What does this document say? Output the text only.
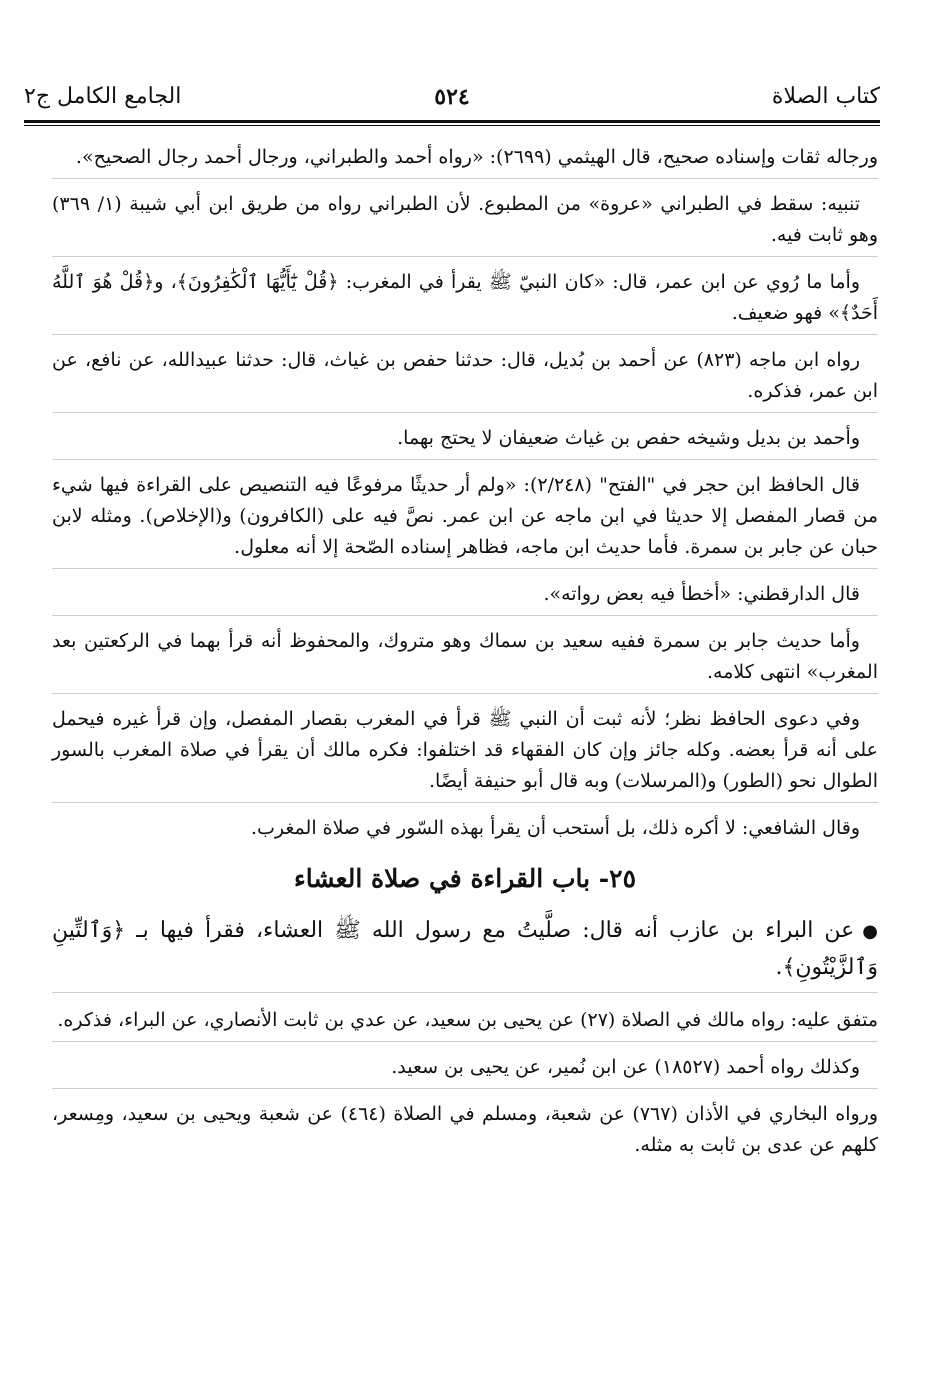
كتاب الصلاة
٥٢٤
الجامع الكامل ج٢

ورجاله ثقات وإسناده صحيح، قال الهيثمي (٢٦٩٩): «رواه أحمد والطبراني، ورجال أحمد رجال الصحيح».

تنبيه: سقط في الطبراني «عروة» من المطبوع. لأن الطبراني رواه من طريق ابن أبي شيبة (١/ ٣٦٩) وهو ثابت فيه.

وأما ما رُوي عن ابن عمر، قال: «كان النبيّ ﷺ يقرأ في المغرب: ﴿قُلْ يَٰٓأَيُّهَا ٱلْكَٰفِرُونَ﴾، و﴿قُلْ هُوَ ٱللَّهُ أَحَدٌ﴾» فهو ضعيف.

رواه ابن ماجه (٨٢٣) عن أحمد بن بُديل، قال: حدثنا حفص بن غياث، قال: حدثنا عبيدالله، عن نافع، عن ابن عمر، فذكره.

وأحمد بن بديل وشيخه حفص بن غياث ضعيفان لا يحتج بهما.

قال الحافظ ابن حجر في "الفتح" (٢/٢٤٨): «ولم أر حديثًا مرفوعًا فيه التنصيص على القراءة فيها شيء من قصار المفصل إلا حديثا في ابن ماجه عن ابن عمر. نصَّ فيه على (الكافرون) و(الإخلاص). ومثله لابن حبان عن جابر بن سمرة. فأما حديث ابن ماجه، فظاهر إسناده الصّحة إلا أنه معلول.

قال الدارقطني: «أخطأ فيه بعض رواته».

وأما حديث جابر بن سمرة ففيه سعيد بن سماك وهو متروك، والمحفوظ أنه قرأ بهما في الركعتين بعد المغرب» انتهى كلامه.

وفي دعوى الحافظ نظر؛ لأنه ثبت أن النبي ﷺ قرأ في المغرب بقصار المفصل، وإن قرأ غيره فيحمل على أنه قرأ بعضه. وكله جائز وإن كان الفقهاء قد اختلفوا: فكره مالك أن يقرأ في صلاة المغرب بالسور الطوال نحو (الطور) و(المرسلات) وبه قال أبو حنيفة أيضًا.

وقال الشافعي: لا أكره ذلك، بل أستحب أن يقرأ بهذه السّور في صلاة المغرب.

٢٥- باب القراءة في صلاة العشاء

●عن البراء بن عازب أنه قال: صلَّيتُ مع رسول الله ﷺ العشاء، فقرأ فيها بـ ﴿وَٱلتِّينِ وَٱلزَّيْتُونِ﴾.

متفق عليه: رواه مالك في الصلاة (٢٧) عن يحيى بن سعيد، عن عدي بن ثابت الأنصاري، عن البراء، فذكره.

وكذلك رواه أحمد (١٨٥٢٧) عن ابن نُمير، عن يحيى بن سعيد.

ورواه البخاري في الأذان (٧٦٧) عن شعبة، ومسلم في الصلاة (٤٦٤) عن شعبة ويحيى بن سعيد، ومِسعر، كلهم عن عدى بن ثابت به مثله.
